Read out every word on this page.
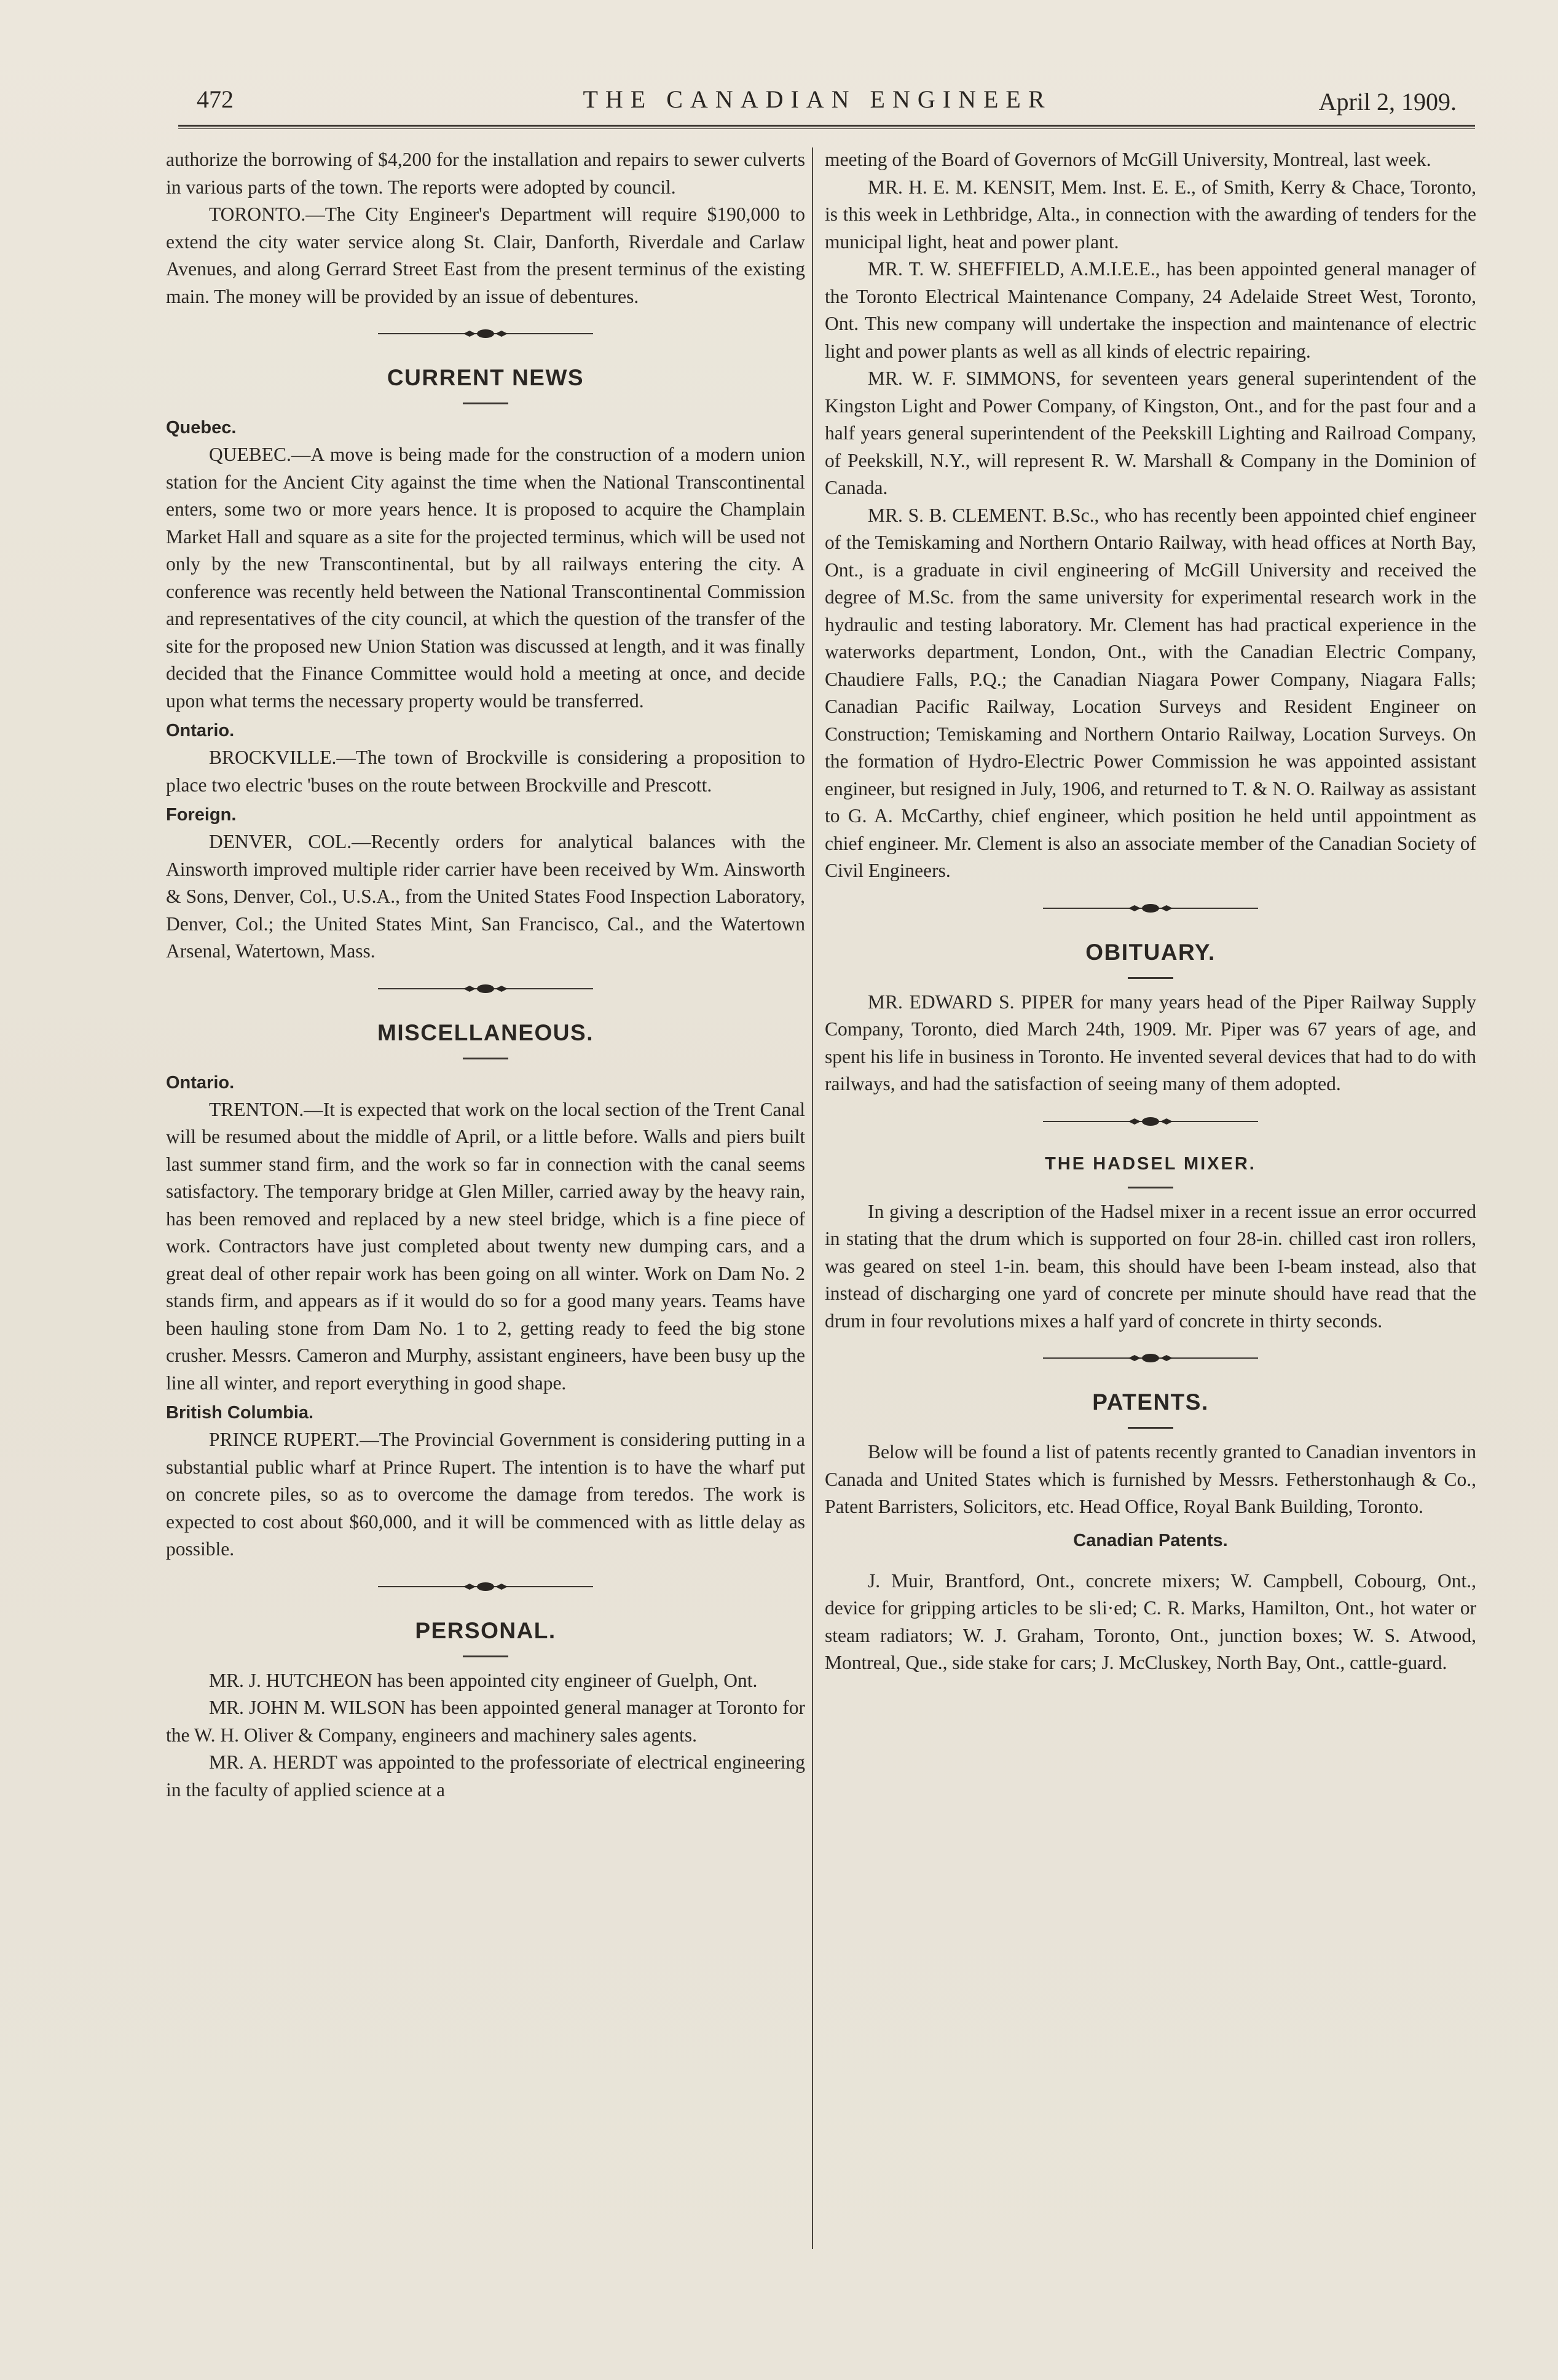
472	THE CANADIAN ENGINEER	April 2, 1909.

authorize the borrowing of $4,200 for the installation and repairs to sewer culverts in various parts of the town. The reports were adopted by council.

TORONTO.—The City Engineer's Department will require $190,000 to extend the city water service along St. Clair, Danforth, Riverdale and Carlaw Avenues, and along Gerrard Street East from the present terminus of the existing main. The money will be provided by an issue of debentures.

CURRENT NEWS
Quebec.

QUEBEC.—A move is being made for the construction of a modern union station for the Ancient City against the time when the National Transcontinental enters, some two or more years hence. It is proposed to acquire the Champlain Market Hall and square as a site for the projected terminus, which will be used not only by the new Transcontinental, but by all railways entering the city. A conference was recently held between the National Transcontinental Commission and representatives of the city council, at which the question of the transfer of the site for the proposed new Union Station was discussed at length, and it was finally decided that the Finance Committee would hold a meeting at once, and decide upon what terms the necessary property would be transferred.

Ontario.

BROCKVILLE.—The town of Brockville is considering a proposition to place two electric 'buses on the route between Brockville and Prescott.

Foreign.

DENVER, COL.—Recently orders for analytical balances with the Ainsworth improved multiple rider carrier have been received by Wm. Ainsworth & Sons, Denver, Col., U.S.A., from the United States Food Inspection Laboratory, Denver, Col.; the United States Mint, San Francisco, Cal., and the Watertown Arsenal, Watertown, Mass.

MISCELLANEOUS.
Ontario.

TRENTON.—It is expected that work on the local section of the Trent Canal will be resumed about the middle of April, or a little before. Walls and piers built last summer stand firm, and the work so far in connection with the canal seems satisfactory. The temporary bridge at Glen Miller, carried away by the heavy rain, has been removed and replaced by a new steel bridge, which is a fine piece of work. Contractors have just completed about twenty new dumping cars, and a great deal of other repair work has been going on all winter. Work on Dam No. 2 stands firm, and appears as if it would do so for a good many years. Teams have been hauling stone from Dam No. 1 to 2, getting ready to feed the big stone crusher. Messrs. Cameron and Murphy, assistant engineers, have been busy up the line all winter, and report everything in good shape.

British Columbia.

PRINCE RUPERT.—The Provincial Government is considering putting in a substantial public wharf at Prince Rupert. The intention is to have the wharf put on concrete piles, so as to overcome the damage from teredos. The work is expected to cost about $60,000, and it will be commenced with as little delay as possible.

PERSONAL.

MR. J. HUTCHEON has been appointed city engineer of Guelph, Ont.

MR. JOHN M. WILSON has been appointed general manager at Toronto for the W. H. Oliver & Company, engineers and machinery sales agents.

MR. A. HERDT was appointed to the professoriate of electrical engineering in the faculty of applied science at a

meeting of the Board of Governors of McGill University, Montreal, last week.

MR. H. E. M. KENSIT, Mem. Inst. E. E., of Smith, Kerry & Chace, Toronto, is this week in Lethbridge, Alta., in connection with the awarding of tenders for the municipal light, heat and power plant.

MR. T. W. SHEFFIELD, A.M.I.E.E., has been appointed general manager of the Toronto Electrical Maintenance Company, 24 Adelaide Street West, Toronto, Ont. This new company will undertake the inspection and maintenance of electric light and power plants as well as all kinds of electric repairing.

MR. W. F. SIMMONS, for seventeen years general superintendent of the Kingston Light and Power Company, of Kingston, Ont., and for the past four and a half years general superintendent of the Peekskill Lighting and Railroad Company, of Peekskill, N.Y., will represent R. W. Marshall & Company in the Dominion of Canada.

MR. S. B. CLEMENT. B.Sc., who has recently been appointed chief engineer of the Temiskaming and Northern Ontario Railway, with head offices at North Bay, Ont., is a graduate in civil engineering of McGill University and received the degree of M.Sc. from the same university for experimental research work in the hydraulic and testing laboratory. Mr. Clement has had practical experience in the waterworks department, London, Ont., with the Canadian Electric Company, Chaudiere Falls, P.Q.; the Canadian Niagara Power Company, Niagara Falls; Canadian Pacific Railway, Location Surveys and Resident Engineer on Construction; Temiskaming and Northern Ontario Railway, Location Surveys. On the formation of Hydro-Electric Power Commission he was appointed assistant engineer, but resigned in July, 1906, and returned to T. & N. O. Railway as assistant to G. A. McCarthy, chief engineer, which position he held until appointment as chief engineer. Mr. Clement is also an associate member of the Canadian Society of Civil Engineers.

OBITUARY.

MR. EDWARD S. PIPER for many years head of the Piper Railway Supply Company, Toronto, died March 24th, 1909. Mr. Piper was 67 years of age, and spent his life in business in Toronto. He invented several devices that had to do with railways, and had the satisfaction of seeing many of them adopted.

THE HADSEL MIXER.

In giving a description of the Hadsel mixer in a recent issue an error occurred in stating that the drum which is supported on four 28-in. chilled cast iron rollers, was geared on steel 1-in. beam, this should have been I-beam instead, also that instead of discharging one yard of concrete per minute should have read that the drum in four revolutions mixes a half yard of concrete in thirty seconds.

PATENTS.

Below will be found a list of patents recently granted to Canadian inventors in Canada and United States which is furnished by Messrs. Fetherstonhaugh & Co., Patent Barristers, Solicitors, etc. Head Office, Royal Bank Building, Toronto.

Canadian Patents.

J. Muir, Brantford, Ont., concrete mixers; W. Campbell, Cobourg, Ont., device for gripping articles to be sli·ed; C. R. Marks, Hamilton, Ont., hot water or steam radiators; W. J. Graham, Toronto, Ont., junction boxes; W. S. Atwood, Montreal, Que., side stake for cars; J. McCluskey, North Bay, Ont., cattle-guard.
